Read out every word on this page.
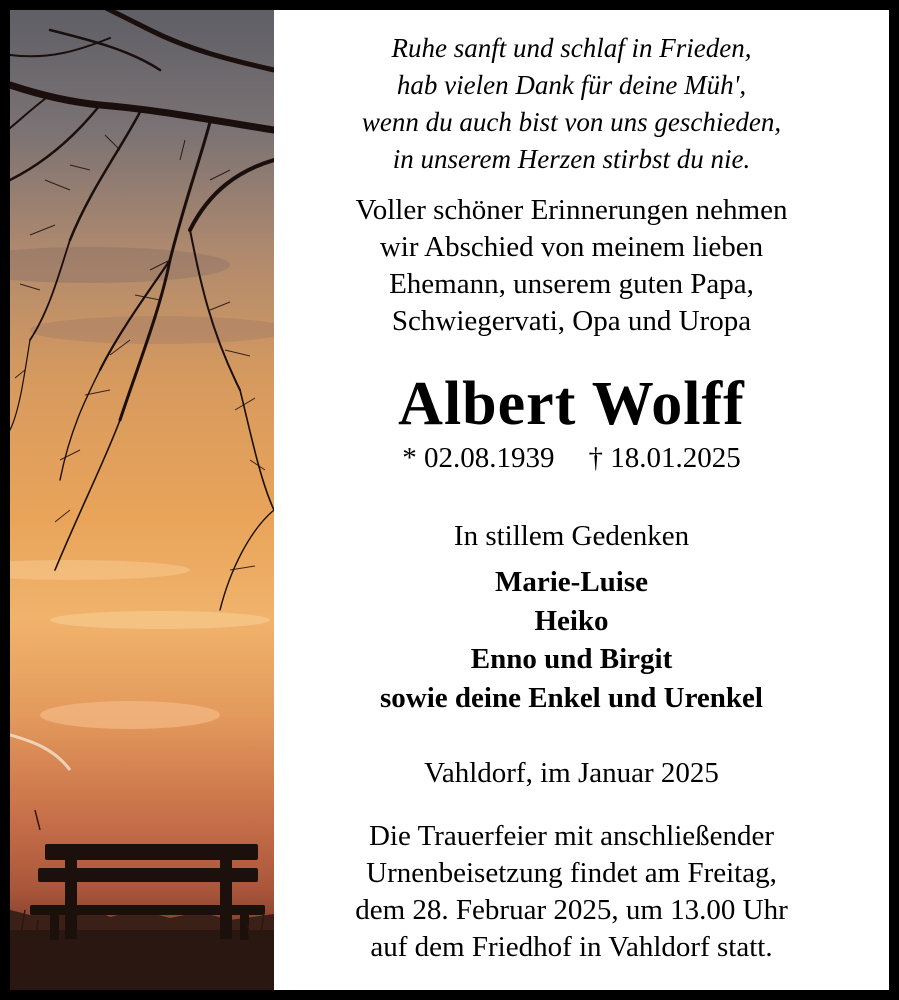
Ruhe sanft und schlaf in Frieden,
hab vielen Dank für deine Müh',
wenn du auch bist von uns geschieden,
in unserem Herzen stirbst du nie.
Voller schöner Erinnerungen nehmen
wir Abschied von meinem lieben
Ehemann, unserem guten Papa,
Schwiegervati, Opa und Uropa
Albert Wolff
* 02.08.1939 † 18.01.2025
In stillem Gedenken
Marie-Luise
Heiko
Enno und Birgit
sowie deine Enkel und Urenkel
Vahldorf, im Januar 2025
Die Trauerfeier mit anschließender
Urnenbeisetzung findet am Freitag,
dem 28. Februar 2025, um 13.00 Uhr
auf dem Friedhof in Vahldorf statt.
